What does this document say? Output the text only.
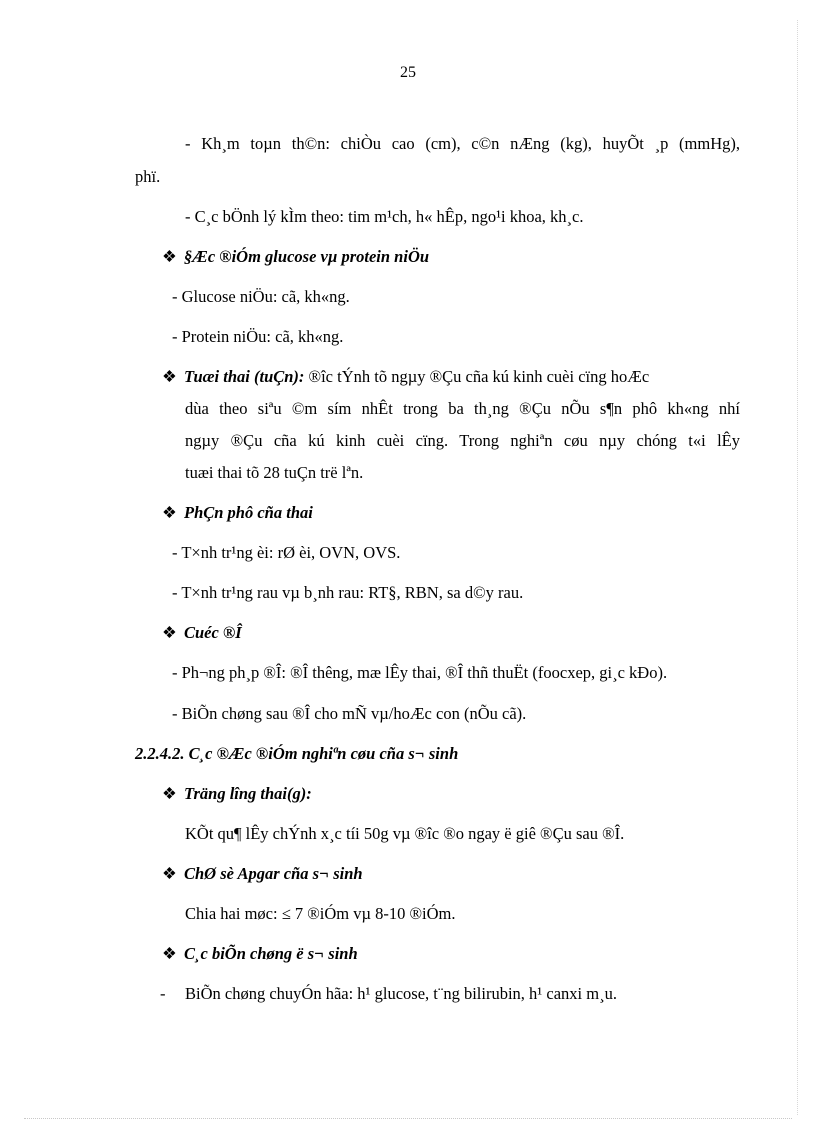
25
- Kh¸m toµn th©n: chiÒu cao (cm), c©n nÆng (kg), huyÕt ¸p (mmHg),
phï.
- C¸c bÖnh lý kÌm theo: tim m¹ch, h« hÊp, ngo¹i khoa, kh¸c.
❖ §Æc ®iÓm glucose vµ protein niÖu
- Glucose niÖu: cã, kh«ng.
- Protein niÖu: cã, kh«ng.
❖ Tuæi thai (tuÇn): ®îc tÝnh tõ ngµy ®Çu cña kú kinh cuèi cïng hoÆc
dùa theo siªu ©m sím nhÊt trong ba th¸ng ®Çu nÕu s¶n phô kh«ng nhí
ngµy ®Çu cña kú kinh cuèi cïng. Trong nghiªn cøu nµy chóng t«i lÊy
tuæi thai tõ 28 tuÇn trë lªn.
❖ PhÇn phô cña thai
- T×nh tr¹ng èi: rØ èi, OVN, OVS.
- T×nh tr¹ng rau vµ b¸nh rau: RT§, RBN, sa d©y rau.
❖ Cuéc ®Î
- Ph¬ng ph¸p ®Î: ®Î thêng, mæ lÊy thai, ®Î thñ thuËt (foocxep, gi¸c kÐo).
- BiÕn chøng sau ®Î cho mÑ vµ/hoÆc con (nÕu cã).
2.2.4.2. C¸c ®Æc ®iÓm nghiªn cøu cña s¬ sinh
❖ Träng lîng thai(g):
KÕt qu¶ lÊy chÝnh x¸c tíi 50g vµ ®îc ®o ngay ë giê ®Çu sau ®Î.
❖ ChØ sè Apgar cña s¬ sinh
Chia hai møc: ≤ 7 ®iÓm vµ 8-10 ®iÓm.
❖ C¸c biÕn chøng ë s¬ sinh
- BiÕn chøng chuyÓn hãa: h¹ glucose, t¨ng bilirubin, h¹ canxi m¸u.
